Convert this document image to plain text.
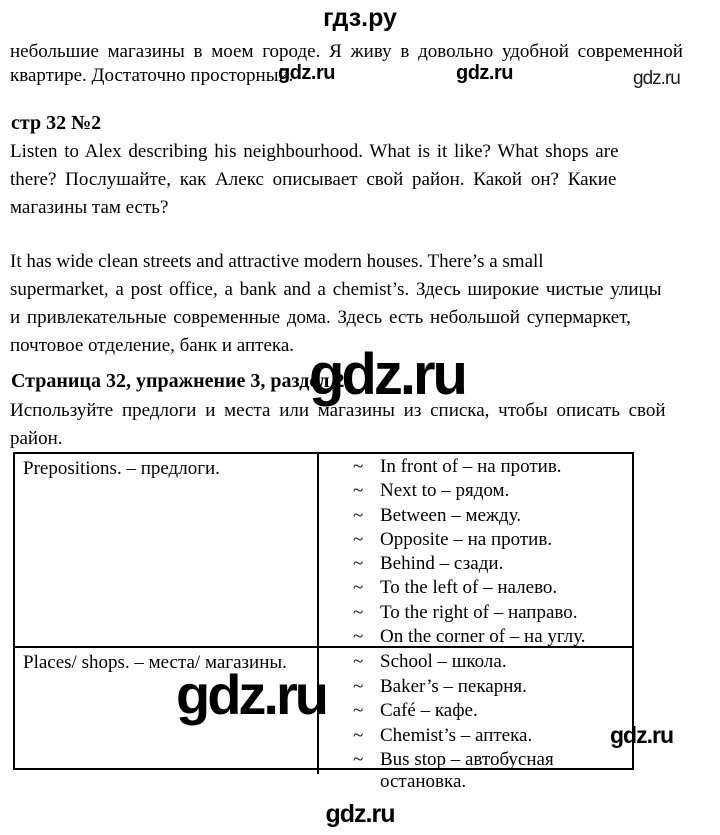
гдз.ру
небольшие магазины в моем городе. Я живу в довольно удобной современной
квартире. Достаточно просторный.
gdz.ru	gdz.ru	gdz.ru
стр 32 №2
Listen to Alex describing his neighbourhood. What is it like? What shops are
there? Послушайте, как Алекс описывает свой район. Какой он? Какие
магазины там есть?
It has wide clean streets and attractive modern houses. There’s a small
supermarket, a post office, a bank and a chemist’s. Здесь широкие чистые улицы
и привлекательные современные дома. Здесь есть небольшой супермаркет,
почтовое отделение, банк и аптека. gdz.ru
Страница 32, упражнение 3, раздел 2.
Используйте предлоги и места или магазины из списка, чтобы описать свой
район.
Prepositions. – предлоги.	~ In front of – на против.
~ Next to – рядом.
~ Between – между.
~ Opposite – на против.
~ Behind – сзади.
~ To the left of – налево.
~ To the right of – направо.
~ On the corner of – на углу.
Places/ shops. – места/ магазины.	~ School – школа.
~ Baker’s – пекарня.
~ Café – кафе.
~ Chemist’s – аптека.
~ Bus stop – автобусная остановка.
gdz.ru
gdz.ru
gdz.ru
